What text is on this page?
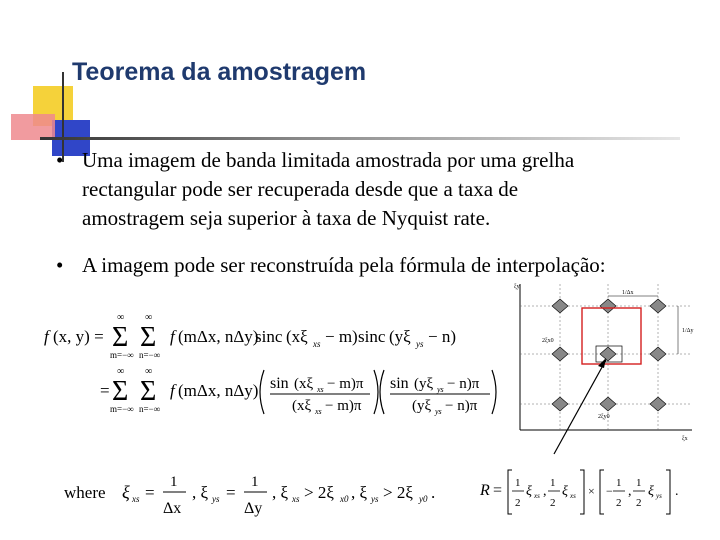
Teorema da amostragem
• Uma imagem de banda limitada amostrada por uma grelha
rectangular pode ser recuperada desde que a taxa de
amostragem seja superior à taxa de Nyquist rate.
• A imagem pode ser reconstruída pela fórmula de interpolação:
f (x, y) =
∞
Σ
m=−∞
∞
Σ
n=−∞
f (mΔx, nΔy)
sinc (xξ xs − m) sinc (yξ ys − n)
=
∞
Σ
m=−∞
∞
Σ
n=−∞
f (mΔx, nΔy) sin (xξ xs − m)π
(xξ xs − m)π
sin (yξ ys − n)π
(yξ ys − n)π
where ξ xs =
1
Δx
, ξ ys =
1
Δy
, ξ xs > 2ξ x0 , ξ ys > 2ξ y0 .	R = 1
2
ξ xs ,
1
2
ξ xs × −
1
2
,
1
2
ξ ys .
ξy
ξx
1/Δx
1/Δy
2ξx0
2ξy0
